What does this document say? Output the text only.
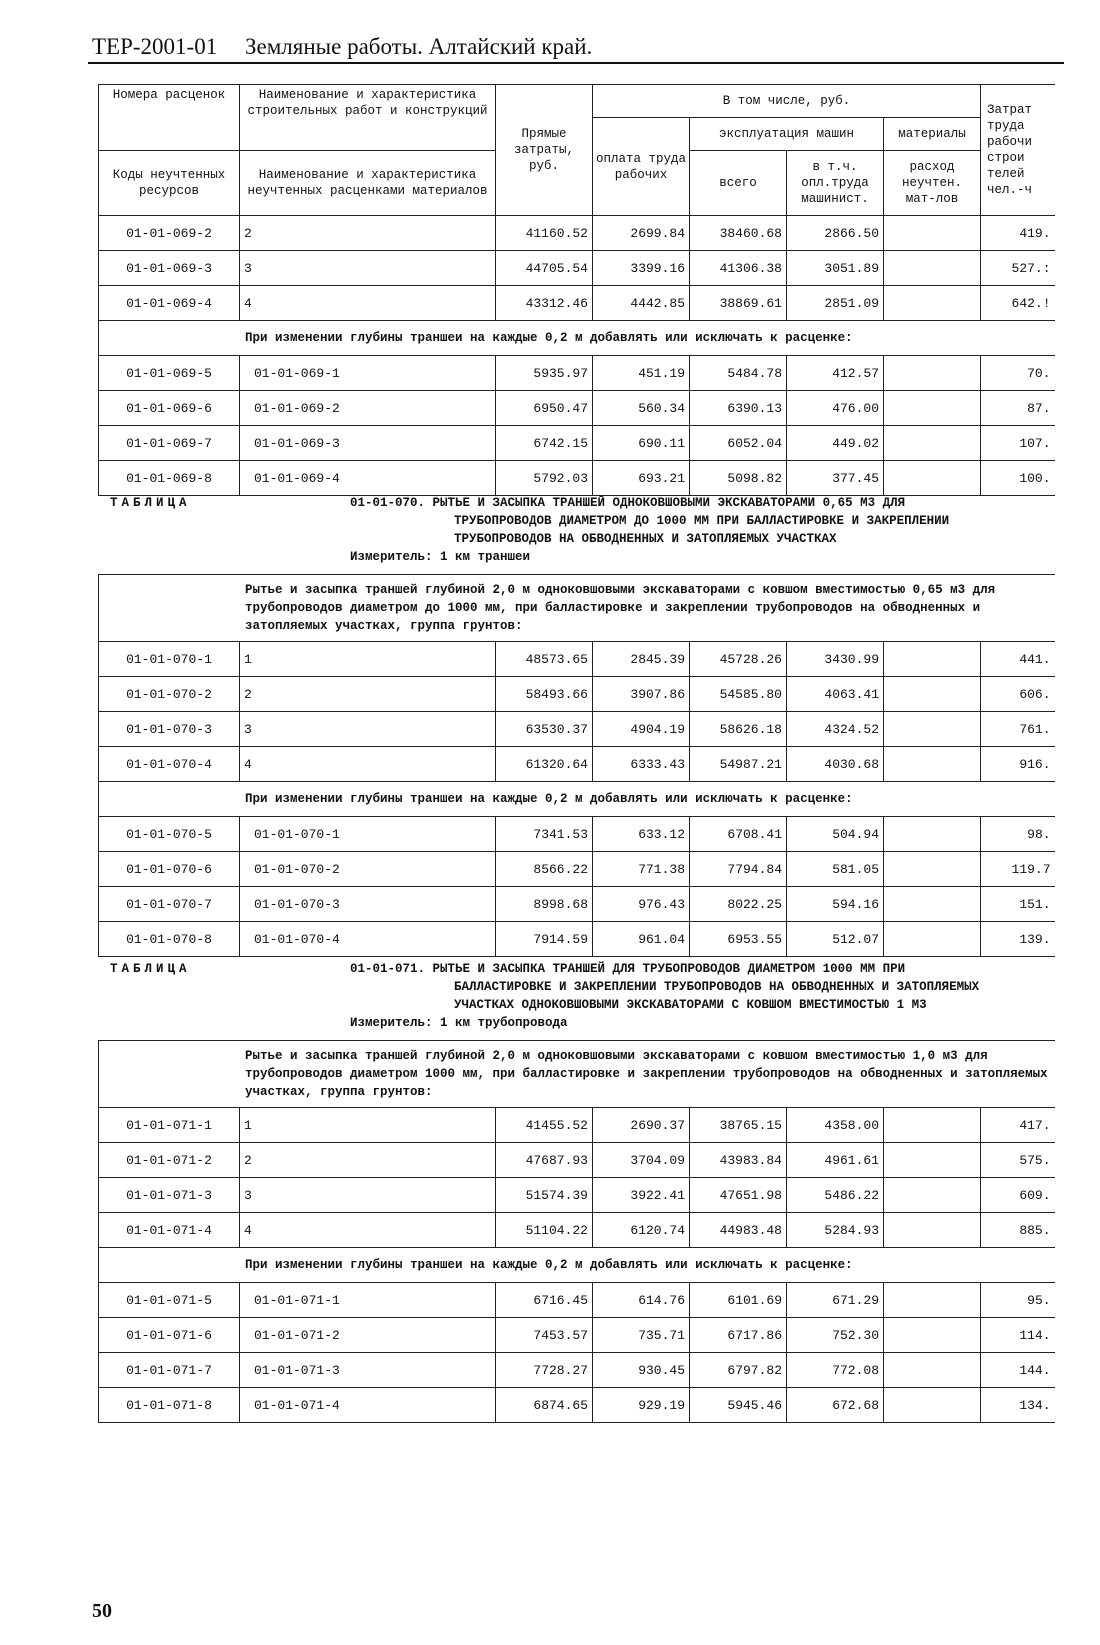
ТЕР-2001-01 Земляные работы. Алтайский край.
Номера расценок	Наименование и характеристика строительных работ и конструкций	Прямые затраты, руб.	В том числе, руб.				Затрат труда рабочи строи телей чел.-ч
			оплата труда рабочих	эксплуатация машин		материалы	
Коды неучтенных ресурсов	Наименование и характеристика неучтенных расценками материалов			всего	в т.ч. опл.труда машинист.	расход неучтен. мат-лов	

01-01-069-2	2	41160.52	2699.84	38460.68	2866.50		419.
01-01-069-3	3	44705.54	3399.16	41306.38	3051.89		527.:
01-01-069-4	4	43312.46	4442.85	38869.61	2851.09		642.!
При изменении глубины траншеи на каждые 0,2 м добавлять или исключать к расценке:							
01-01-069-5	01-01-069-1	5935.97	451.19	5484.78	412.57		70.
01-01-069-6	01-01-069-2	6950.47	560.34	6390.13	476.00		87.
01-01-069-7	01-01-069-3	6742.15	690.11	6052.04	449.02		107.
01-01-069-8	01-01-069-4	5792.03	693.21	5098.82	377.45		100.
ТАБЛИЦА	01-01-070. РЫТЬЕ И ЗАСЫПКА ТРАНШЕЙ ОДНОКОВШОВЫМИ ЭКСКАВАТОРАМИ 0,65 М3 ДЛЯ
ТРУБОПРОВОДОВ ДИАМЕТРОМ ДО 1000 ММ ПРИ БАЛЛАСТИРОВКЕ И ЗАКРЕПЛЕНИИ
ТРУБОПРОВОДОВ НА ОБВОДНЕННЫХ И ЗАТОПЛЯЕМЫХ УЧАСТКАХ
Измеритель: 1 км траншеи
Рытье и засыпка траншей глубиной 2,0 м одноковшовыми экскаваторами с ковшом вместимостью 0,65 м3 для трубопроводов диаметром до 1000 мм, при балластировке и закреплении трубопроводов на обводненных и затопляемых участках, группа грунтов:							
01-01-070-1	1	48573.65	2845.39	45728.26	3430.99		441.
01-01-070-2	2	58493.66	3907.86	54585.80	4063.41		606.
01-01-070-3	3	63530.37	4904.19	58626.18	4324.52		761.
01-01-070-4	4	61320.64	6333.43	54987.21	4030.68		916.
При изменении глубины траншеи на каждые 0,2 м добавлять или исключать к расценке:							
01-01-070-5	01-01-070-1	7341.53	633.12	6708.41	504.94		98.
01-01-070-6	01-01-070-2	8566.22	771.38	7794.84	581.05		119.7
01-01-070-7	01-01-070-3	8998.68	976.43	8022.25	594.16		151.
01-01-070-8	01-01-070-4	7914.59	961.04	6953.55	512.07		139.
ТАБЛИЦА	01-01-071. РЫТЬЕ И ЗАСЫПКА ТРАНШЕЙ ДЛЯ ТРУБОПРОВОДОВ ДИАМЕТРОМ 1000 ММ ПРИ
БАЛЛАСТИРОВКЕ И ЗАКРЕПЛЕНИИ ТРУБОПРОВОДОВ НА ОБВОДНЕННЫХ И ЗАТОПЛЯЕМЫХ
УЧАСТКАХ ОДНОКОВШОВЫМИ ЭКСКАВАТОРАМИ С КОВШОМ ВМЕСТИМОСТЬЮ 1 М3
Измеритель: 1 км трубопровода
Рытье и засыпка траншей глубиной 2,0 м одноковшовыми экскаваторами с ковшом вместимостью 1,0 м3 для трубопроводов диаметром 1000 мм, при балластировке и закреплении трубопроводов на обводненных и затопляемых участках, группа грунтов:							
01-01-071-1	1	41455.52	2690.37	38765.15	4358.00		417.
01-01-071-2	2	47687.93	3704.09	43983.84	4961.61		575.
01-01-071-3	3	51574.39	3922.41	47651.98	5486.22		609.
01-01-071-4	4	51104.22	6120.74	44983.48	5284.93		885.
При изменении глубины траншеи на каждые 0,2 м добавлять или исключать к расценке:							
01-01-071-5	01-01-071-1	6716.45	614.76	6101.69	671.29		95.
01-01-071-6	01-01-071-2	7453.57	735.71	6717.86	752.30		114.
01-01-071-7	01-01-071-3	7728.27	930.45	6797.82	772.08		144.
01-01-071-8	01-01-071-4	6874.65	929.19	5945.46	672.68		134.
50
